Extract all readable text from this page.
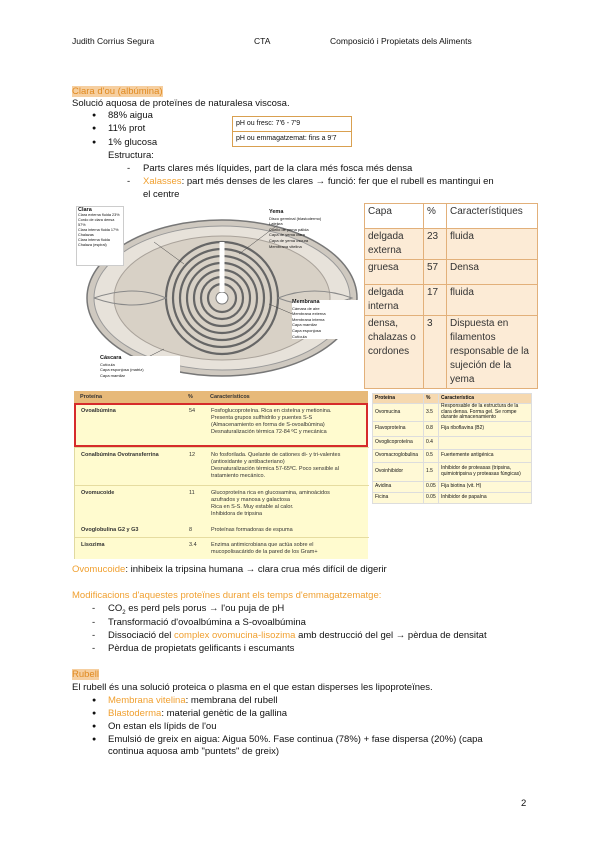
Judith Corrius Segura	CTA	Composició i Propietats dels Aliments
Clara d'ou (albúmina)
Solució aquosa de proteïnes de naturalesa viscosa.
● 88% aigua
● 11% prot
● 1% glucosa
pH ou fresc: 7'6 - 7'9
pH ou emmagatzemat: fins a 9'7
Estructura:
- Parts clares més líquides, part de la clara més fosca més densa
- Xalasses: part més denses de les clares → funció: fer que el rubell es mantingui en
el centre
Clara
Clara externa fluida 23%
Cordo de clara densa 57%
Clara interna fluida 17%
Chalazas
Clara interna fluida
Chalaza (espiral)
Yema
Disco germinal (blastodermo)
Latebra
Cuello de yema pálida
Capa de yema clara
Capa de yema oscura
Membrana vitelina
Membrana
Cámara de aire
Membrana externa
Membrana interna
Capa mamilar
Capa esponjosa
Cutícula
Cáscara
Cutícula
Capa esponjosa (matriz)
Capa mamilar
Capa	%	Característiques
delgada externa	23	fluida
gruesa	57	Densa
delgada interna	17	fluida
densa, chalazas o cordones	3	Dispuesta en filamentos responsable de la sujeción de la yema
Proteína	%	Característicos
Ovoalbúmina	54	Fosfoglucoproteína. Rica en cisteína y metionina.
Presenta grupos sulfhidrilo y puentes S-S
(Almacenamiento en forma de S-ovoalbúmina)
Desnaturalización térmica 72-84 ºC y mecánica
Conalbúmina Ovotransferrina	12	No fosforilada. Quelante de cationes di- y tri-valentes
(antioxidante y antibacteriano)
Desnaturalización térmica 57-65ºC. Poco sensible al
tratamiento mecánico.
Ovomucoide	11	Glucoproteína rica en glucosamina, aminoácidos
azufrados y manosa y galactosa
Rica en S-S. Muy estable al calor.
Inhibidora de tripsina
Ovoglobulina G2 y G3	8	Proteínas formadoras de espuma
Lisozima	3.4	Enzima antimicrobiana que actúa sobre el
mucopolisacárido de la pared de los Gram+
Proteína	%	Característica
Ovomucina	3.5	Responsable de la estructura de la clara densa. Forma gel. Se rompe durante almacenamiento
Flavoproteína	0.8	Fija riboflavina (B2)
Ovoglicoproteína	0.4	
Ovomacroglobulina	0.5	Fuertemente antigénica
Ovoinhibidor	1.5	Inhibidor de proteasas (tripsina, quimiotripsina y proteasas fúngicas)
Avidina	0.05	Fija biotina (vit. H)
Ficina	0.05	Inhibidor de papaína
Ovomucoide: inhibeix la tripsina humana → clara crua més difícil de digerir
Modificacions d'aquestes proteïnes durant els temps d'emmagatzematge:
- $CO_2$ es perd pels porus → l'ou puja de pH
- Transformació d'ovoalbúmina a S-ovoalbúmina
- Dissociació del complex ovomucina-lisozima amb destrucció del gel → pèrdua de densitat
- Pèrdua de propietats gelificants i escumants
Rubell
El rubell és una solució proteica o plasma en el que estan disperses les lipoproteïnes.
● Membrana vitelina: membrana del rubell
● Blastoderma: material genètic de la gallina
● On estan els lípids de l'ou
● Emulsió de greix en aigua: Aigua 50%. Fase continua (78%) + fase dispersa (20%) (capa
continua aquosa amb "puntets" de greix)
2
